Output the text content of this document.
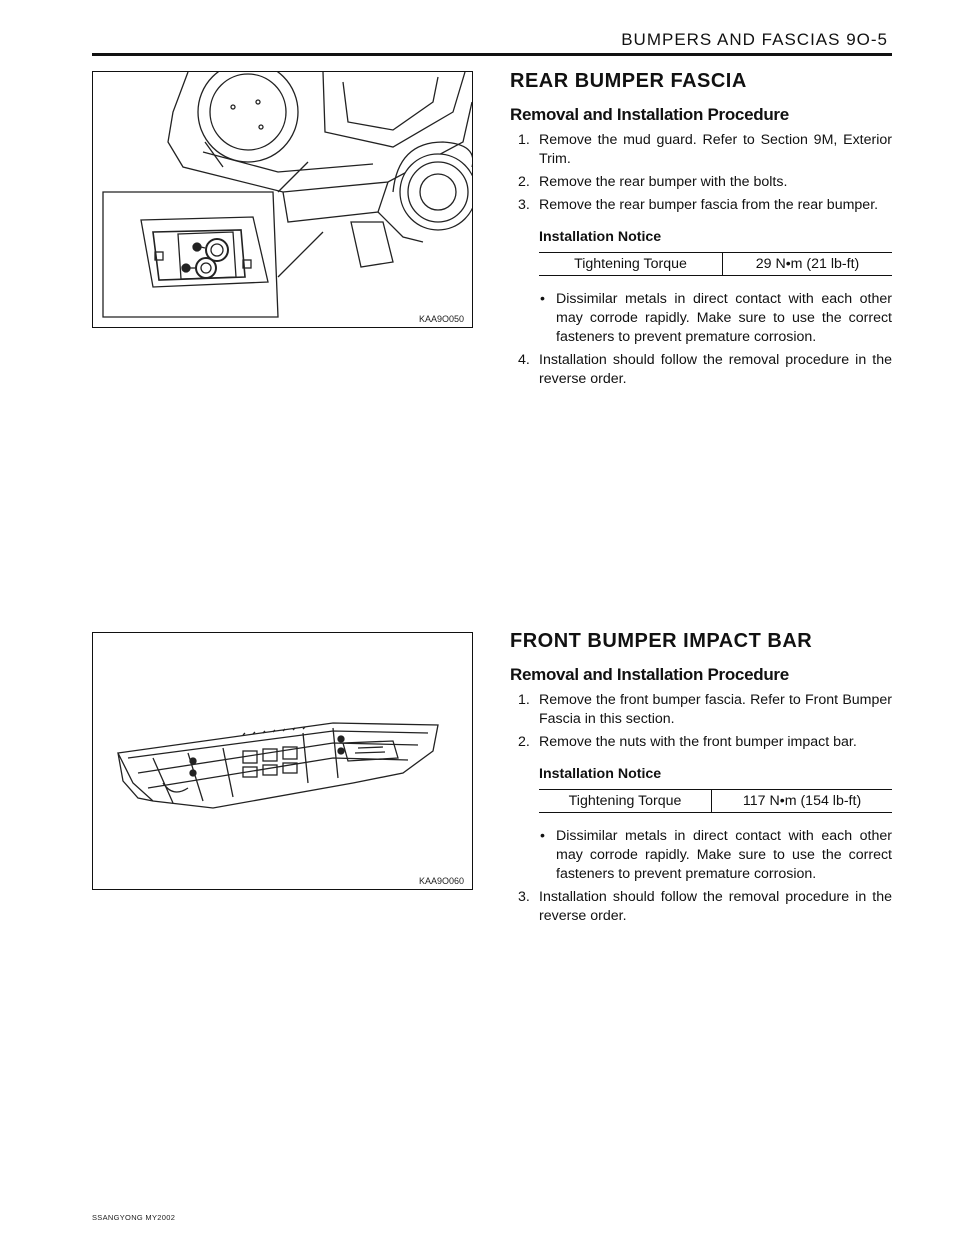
BUMPERS AND FASCIAS 9O-5
KAA9O050
KAA9O060
REAR BUMPER FASCIA
Removal and Installation Procedure
1. Remove the mud guard. Refer to Section 9M, Exterior Trim.
2. Remove the rear bumper with the bolts.
3. Remove the rear bumper fascia from the rear bumper.
Installation Notice
Tightening Torque	29 N•m (21 lb-ft)
• Dissimilar metals in direct contact with each other may corrode rapidly. Make sure to use the correct fasteners to prevent premature corrosion.
4. Installation should follow the removal procedure in the reverse order.
FRONT BUMPER IMPACT BAR
Removal and Installation Procedure
1. Remove the front bumper fascia. Refer to Front Bumper Fascia in this section.
2. Remove the nuts with the front bumper impact bar.
Installation Notice
Tightening Torque	117 N•m (154 lb-ft)
• Dissimilar metals in direct contact with each other may corrode rapidly. Make sure to use the correct fasteners to prevent premature corrosion.
3. Installation should follow the removal procedure in the reverse order.
SSANGYONG MY2002
